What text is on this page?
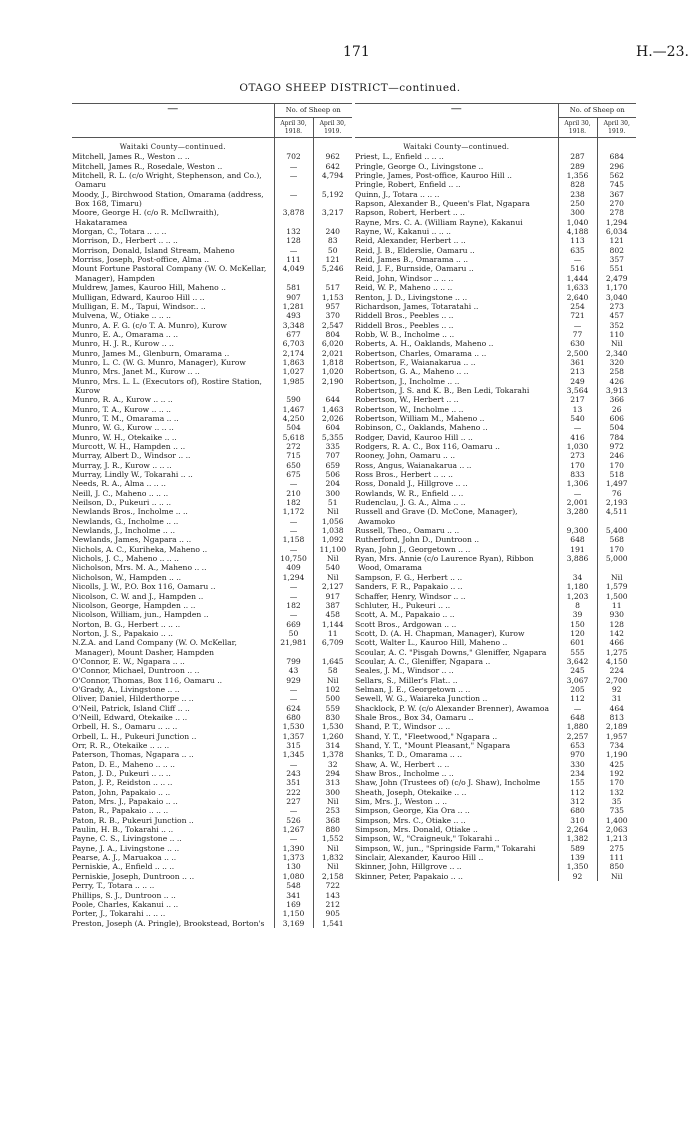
171	H.—23.
OTAGO SHEEP DISTRICT—continued.
—	No. of Sheep on	
	April 30, 1918.	April 30, 1919.
Waitaki County—continued.		
Mitchell, James R., Weston .. ..	702	962
Mitchell, James R., Rosedale, Weston ..	—	642
Mitchell, R. L. (c/o Wright, Stephenson, and Co.), Oamaru	—	4,794
Moody, J., Birchwood Station, Omarama (address, Box 168, Timaru)	—	5,192
Moore, George H. (c/o R. McIlwraith), Hakataramea	3,878	3,217
Morgan, C., Totara .. .. ..	132	240
Morrison, D., Herbert .. .. ..	128	83
Morrison, Donald, Island Stream, Maheno	—	50
Morriss, Joseph, Post-office, Alma ..	111	121
Mount Fortune Pastoral Company (W. O. McKellar, Manager), Hampden	4,049	5,246
Muldrew, James, Kauroo Hill, Maheno ..	581	517
Mulligan, Edward, Kauroo Hill .. ..	907	1,153
Mulligan, E. M., Tapui, Windsor.. ..	1,281	957
Mulvena, W., Otiake .. .. ..	493	370
Munro, A. F. G. (c/o T. A. Munro), Kurow	3,348	2,547
Munro, E. A., Omarama .. ..	677	804
Munro, H. J. R., Kurow .. ..	6,703	6,020
Munro, James M., Glenburn, Omarama ..	2,174	2,021
Munro, L. C. (W. G. Munro, Manager), Kurow	1,863	1,818
Munro, Mrs. Janet M., Kurow .. ..	1,027	1,020
Munro, Mrs. L. L. (Executors of), Rostire Station, Kurow	1,985	2,190
Munro, R. A., Kurow .. .. ..	590	644
Munro, T. A., Kurow .. .. ..	1,467	1,463
Munro, T. M., Omarama .. ..	4,250	2,026
Munro, W. G., Kurow .. .. ..	504	604
Munro, W. H., Otekaike .. ..	5,618	5,355
Murcott, W. H., Hampden .. ..	272	335
Murray, Albert D., Windsor .. ..	715	707
Murray, J. R., Kurow .. .. ..	650	659
Murray, Lindly W., Tokarahi .. ..	675	506
Needs, R. A., Alma .. .. ..	—	204
Neill, J. C., Maheno .. .. ..	210	300
Neilson, D., Pukeuri .. .. ..	182	51
Newlands Bros., Incholme .. ..	1,172	Nil
Newlands, G., Incholme .. ..	—	1,056
Newlands, J., Incholme .. ..	—	1,038
Newlands, James, Ngapara .. ..	1,158	1,092
Nichols, A. C., Kuriheka, Maheno ..	—	11,100
Nichols, J. C., Maheno .. .. ..	10,750	Nil
Nicholson, Mrs. M. A., Maheno .. ..	409	540
Nicholson, W., Hampden .. ..	1,294	Nil
Nicolls, J. W., P.O. Box 116, Oamaru ..	—	2,127
Nicolson, C. W. and J., Hampden ..	—	917
Nicolson, George, Hampden .. ..	182	387
Nicolson, William, jun., Hampden ..	—	458
Norton, B. G., Herbert .. .. ..	669	1,144
Norton, J. S., Papakaio .. ..	50	11
N.Z.A. and Land Company (W. O. McKellar, Manager), Mount Dasher, Hampden	21,981	6,709
O'Connor, E. W., Ngapara .. ..	799	1,645
O'Connor, Michael, Duntroon .. ..	43	58
O'Connor, Thomas, Box 116, Oamaru ..	929	Nil
O'Grady, A., Livingstone .. ..	—	102
Oliver, Daniel, Hilderthorpe .. ..	—	500
O'Neil, Patrick, Island Cliff .. ..	624	559
O'Neill, Edward, Otekaike .. ..	680	830
Orbell, H. S., Oamaru .. .. ..	1,530	1,530
Orbell, L. H., Pukeuri Junction ..	1,357	1,260
Orr, R. R., Otekaike .. .. ..	315	314
Paterson, Thomas, Ngapara .. ..	1,345	1,378
Paton, D. E., Maheno .. .. ..	—	32
Paton, J. D., Pukeuri .. .. ..	243	294
Paton, J. P., Reidston .. .. ..	351	313
Paton, John, Papakaio .. ..	222	300
Paton, Mrs. J., Papakaio .. ..	227	Nil
Paton, R., Papakaio .. .. ..	—	253
Paton, R. B., Pukeuri Junction ..	526	368
Paulin, H. B., Tokarahi .. ..	1,267	880
Payne, C. S., Livingstone .. ..	—	1,552
Payne, J. A., Livingstone .. ..	1,390	Nil
Pearse, A. J., Maruakoa .. ..	1,373	1,832
Perniskie, A., Enfield .. .. ..	130	Nil
Perniskie, Joseph, Duntroon .. ..	1,080	2,158
Perry, T., Totara .. .. ..	548	722
Phillips, S. J., Duntroon .. ..	341	143
Poole, Charles, Kakanui .. ..	169	212
Porter, J., Tokarahi .. .. ..	1,150	905
Preston, Joseph (A. Pringle), Brookstead, Borton's	3,169	1,541
—	No. of Sheep on	
	April 30, 1918.	April 30, 1919.
Waitaki County—continued.		
Priest, L., Enfield .. .. ..	287	684
Pringle, George O., Livingstone ..	289	296
Pringle, James, Post-office, Kauroo Hill ..	1,356	562
Pringle, Robert, Enfield .. ..	828	745
Quinn, J., Totara .. .. ..	238	367
Rapson, Alexander B., Queen's Flat, Ngapara	250	270
Rapson, Robert, Herbert .. ..	300	278
Rayne, Mrs. C. A. (William Rayne), Kakanui	1,040	1,294
Rayne, W., Kakanui .. .. ..	4,188	6,034
Reid, Alexander, Herbert .. ..	113	121
Reid, J. B., Elderslie, Oamaru ..	635	802
Reid, James B., Omarama .. ..	—	357
Reid, J. F., Burnside, Oamaru ..	516	551
Reid, John, Windsor .. .. ..	1,444	2,479
Reid, W. P., Maheno .. .. ..	1,633	1,170
Renton, J. D., Livingstone .. ..	2,640	3,040
Richardson, James, Totaratahi ..	254	273
Riddell Bros., Peebles .. ..	721	457
Riddell Bros., Peebles .. ..	—	352
Robb, W. B., Incholme .. ..	77	110
Roberts, A. H., Oaklands, Maheno ..	630	Nil
Robertson, Charles, Omarama .. ..	2,500	2,340
Robertson, F., Waianakarua .. ..	361	320
Robertson, G. A., Maheno .. ..	213	258
Robertson, J., Incholme .. ..	249	426
Robertson, J. S. and K. B., Ben Ledi, Tokarahi	3,564	3,913
Robertson, W., Herbert .. ..	217	366
Robertson, W., Incholme .. ..	13	26
Robertson, William M., Maheno ..	540	606
Robinson, C., Oaklands, Maheno ..	—	504
Rodger, David, Kauroo Hill .. ..	416	784
Rodgers, R. A. C., Box 116, Oamaru ..	1,030	972
Rooney, John, Oamaru .. ..	273	246
Ross, Angus, Waianakarua .. ..	170	170
Ross Bros., Herbert .. .. ..	833	518
Ross, Donald J., Hillgrove .. ..	1,306	1,497
Rowlands, W. R., Enfield .. ..	—	76
Rudenclau, J. G. A., Alma .. ..	2,001	2,193
Russell and Grave (D. McCone, Manager), Awamoko	3,280	4,511
Russell, Theo., Oamaru .. ..	9,300	5,400
Rutherford, John D., Duntroon ..	648	568
Ryan, John J., Georgetown .. ..	191	170
Ryan, Mrs. Annie (c/o Laurence Ryan), Ribbon Wood, Omarama	3,886	5,000
Sampson, F. G., Herbert .. ..	34	Nil
Sanders, F. R., Papakaio .. ..	1,180	1,579
Schaffer, Henry, Windsor .. ..	1,203	1,500
Schluter, H., Pukeuri .. ..	8	11
Scott, A. M., Papakaio .. ..	39	930
Scott Bros., Ardgowan .. ..	150	128
Scott, D. (A. H. Chapman, Manager), Kurow	120	142
Scott, Walter L., Kauroo Hill, Maheno ..	601	466
Scoular, A. C. "Pisgah Downs," Gleniffer, Ngapara	555	1,275
Scoular, A. C., Gleniffer, Ngapara ..	3,642	4,150
Seales, J. M., Windsor .. ..	245	224
Sellars, S., Miller's Flat.. ..	3,067	2,700
Selman, J. E., Georgetown .. ..	205	92
Sewell, W. G., Waiareka Junction ..	112	31
Shacklock, P. W. (c/o Alexander Brenner), Awamoa	—	464
Shale Bros., Box 34, Oamaru ..	648	813
Shand, P. T., Windsor .. ..	1,880	2,189
Shand, Y. T., "Fleetwood," Ngapara ..	2,257	1,957
Shand, Y. T., "Mount Pleasant," Ngapara	653	734
Shanks, T. D., Omarama .. ..	970	1,190
Shaw, A. W., Herbert .. ..	330	425
Shaw Bros., Incholme .. ..	234	192
Shaw, John (Trustees of) (c/o J. Shaw), Incholme	155	170
Sheath, Joseph, Otekaike .. ..	112	132
Sim, Mrs. J., Weston .. ..	312	35
Simpson, George, Kia Ora .. ..	680	735
Simpson, Mrs. C., Otiake .. ..	310	1,400
Simpson, Mrs. Donald, Otiake ..	2,264	2,063
Simpson, W., "Craigneuk," Tokarahi ..	1,382	1,213
Simpson, W., jun., "Springside Farm," Tokarahi	589	275
Sinclair, Alexander, Kauroo Hill ..	139	111
Skinner, John, Hillgrove .. ..	1,350	850
Skinner, Peter, Papakaio .. ..	92	Nil
